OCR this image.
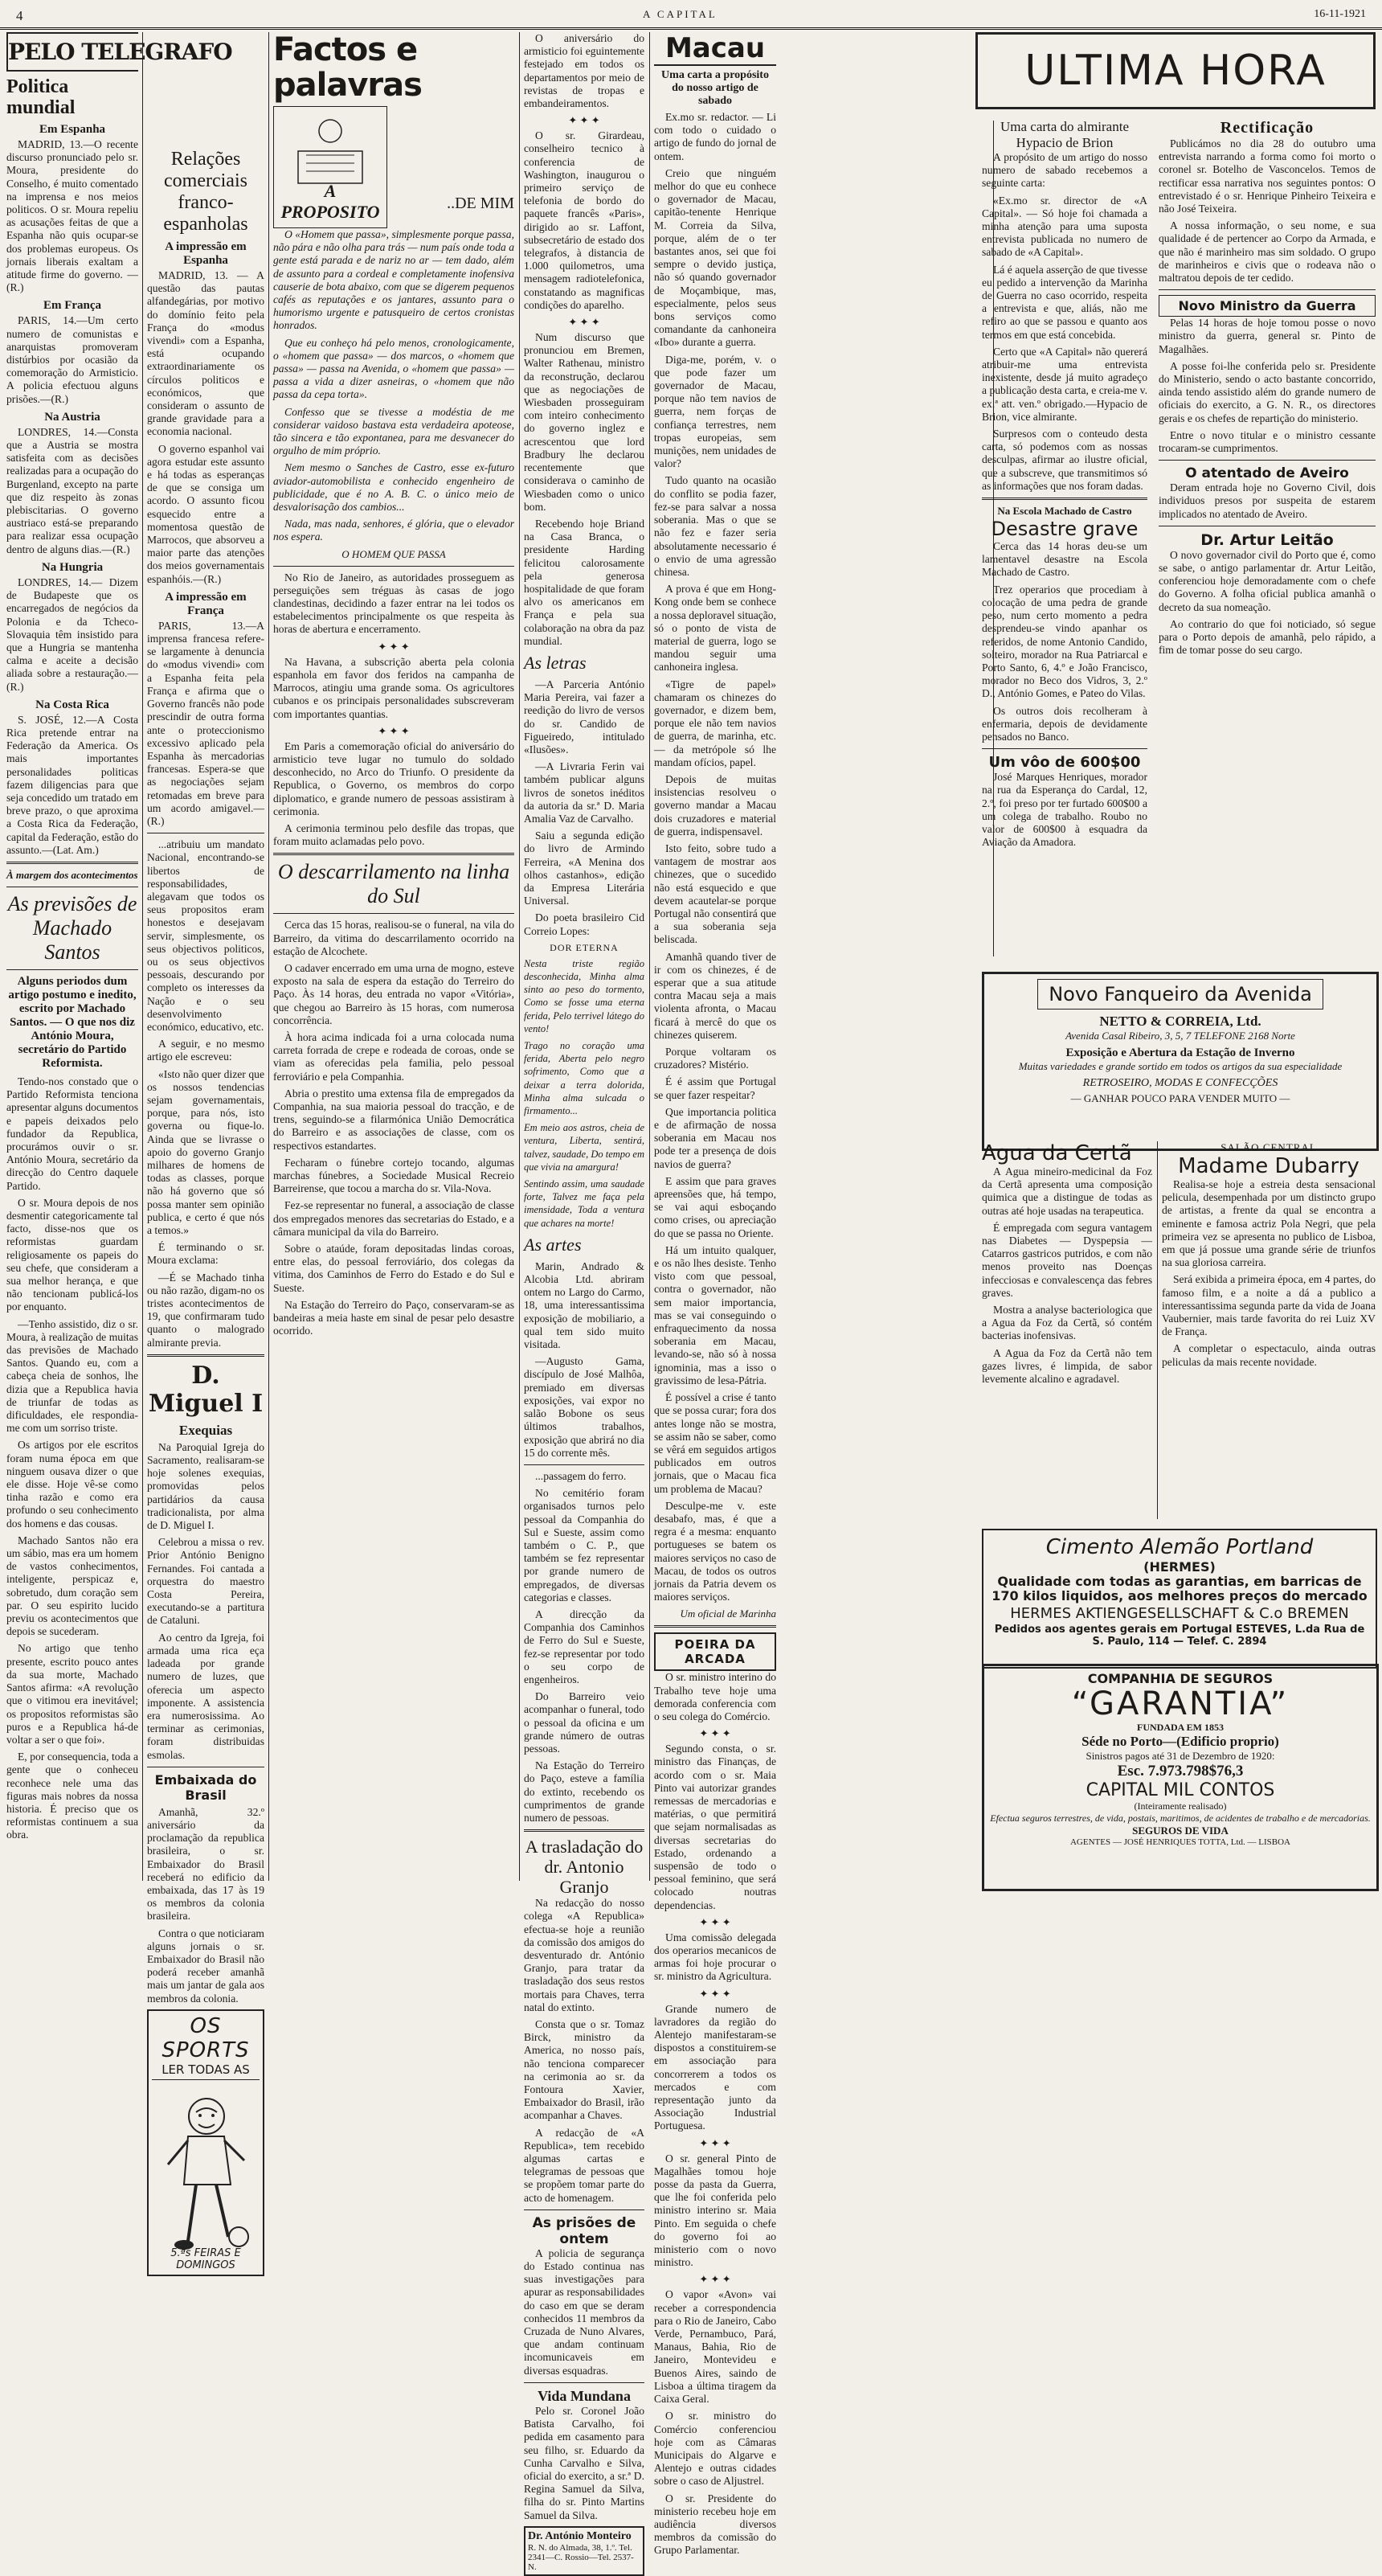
4	A CAPITAL	16-11-1921
PELO TELEGRAFO
Politica mundial
Em Espanha

MADRID, 13.—O recente discurso pronunciado pelo sr. Moura, presidente do Conselho, é muito comentado na imprensa e nos meios politicos. O sr. Moura repeliu as acusações feitas de que a Espanha não quis ocupar-se dos problemas europeus. Os jornais liberais exaltam a atitude firme do governo. — (R.)

Em França

PARIS, 14.—Um certo numero de comunistas e anarquistas promoveram distúrbios por ocasião da comemoração do Armisticio. A policia efectuou alguns prisões.—(R.)

Na Austria

LONDRES, 14.—Consta que a Austria se mostra satisfeita com as decisões realizadas para a ocupação do Burgenland, excepto na parte que diz respeito às zonas plebiscitarias. O governo austriaco está-se preparando para realizar essa ocupação dentro de alguns dias.—(R.)

Na Hungria

LONDRES, 14.— Dizem de Budapeste que os encarregados de negócios da Polonia e da Tcheco-Slovaquia têm insistido para que a Hungria se mantenha calma e aceite a decisão aliada sobre a restauração.—(R.)

Na Costa Rica

S. JOSÉ, 12.—A Costa Rica pretende entrar na Federação da America. Os mais importantes personalidades politicas fazem diligencias para que seja concedido um tratado em breve prazo, o que aproxima a Costa Rica da Federação, capital da Federação, estão do assunto.—(Lat. Am.)

À margem dos acontecimentos
As previsões de Machado Santos
Alguns periodos dum artigo postumo e inedito, escrito por Machado Santos. — O que nos diz António Moura, secretário do Partido Reformista.

Tendo-nos constado que o Partido Reformista tenciona apresentar alguns documentos e papeis deixados pelo fundador da Republica, procurámos ouvir o sr. António Moura, secretário da direcção do Centro daquele Partido.

O sr. Moura depois de nos desmentir categoricamente tal facto, disse-nos que os reformistas guardam religiosamente os papeis do seu chefe, que consideram a sua melhor herança, e que não tencionam publicá-los por enquanto.

—Tenho assistido, diz o sr. Moura, à realização de muitas das previsões de Machado Santos. Quando eu, com a cabeça cheia de sonhos, lhe dizia que a Republica havia de triunfar de todas as dificuldades, ele respondia-me com um sorriso triste.

Os artigos por ele escritos foram numa época em que ninguem ousava dizer o que ele disse. Hoje vê-se como tinha razão e como era profundo o seu conhecimento dos homens e das cousas.

Machado Santos não era um sábio, mas era um homem de vastos conhecimentos, inteligente, perspicaz e, sobretudo, dum coração sem par. O seu espirito lucido previu os acontecimentos que depois se sucederam.

No artigo que tenho presente, escrito pouco antes da sua morte, Machado Santos afirma: «A revolução que o vitimou era inevitável; os propositos reformistas são puros e a Republica há-de voltar a ser o que foi».

E, por consequencia, toda a gente que o conheceu reconhece nele uma das figuras mais nobres da nossa historia. É preciso que os reformistas continuem a sua obra.

Relações comerciais franco-espanholas
A impressão em Espanha

MADRID, 13. — A questão das pautas alfandegárias, por motivo do domínio feito pela França do «modus vivendi» com a Espanha, está ocupando extraordinariamente os círculos politicos e económicos, que consideram o assunto de grande gravidade para a economia nacional.

O governo espanhol vai agora estudar este assunto e há todas as esperanças de que se consiga um acordo. O assunto ficou esquecido entre a momentosa questão de Marrocos, que absorveu a maior parte das atenções dos meios governamentais espanhóis.—(R.)

A impressão em França

PARIS, 13.—A imprensa francesa refere-se largamente à denuncia do «modus vivendi» com a Espanha feita pela França e afirma que o Governo francês não pode prescindir de outra forma ante o proteccionismo excessivo aplicado pela Espanha às mercadorias francesas. Espera-se que as negociações sejam retomadas em breve para um acordo amigavel.—(R.)

...atribuiu um mandato Nacional, encontrando-se libertos de responsabilidades, alegavam que todos os seus propositos eram honestos e desejavam servir, simplesmente, os seus objectivos politicos, ou os seus objectivos pessoais, descurando por completo os interesses da Nação e o seu desenvolvimento económico, educativo, etc.

A seguir, e no mesmo artigo ele escreveu:

«Isto não quer dizer que os nossos tendencias sejam governamentais, porque, para nós, isto governa ou fique-lo. Ainda que se livrasse o apoio do governo Granjo milhares de homens de todas as classes, porque não há governo que só possa manter sem opinião publica, e certo é que nós a temos.»

É terminando o sr. Moura exclama:

—É se Machado tinha ou não razão, digam-no os tristes acontecimentos de 19, que confirmaram tudo quanto o malogrado almirante previa.

D. Miguel I
Exequias

Na Paroquial Igreja do Sacramento, realisaram-se hoje solenes exequias, promovidas pelos partidários da causa tradicionalista, por alma de D. Miguel I.

Celebrou a missa o rev. Prior António Benigno Fernandes. Foi cantada a orquestra do maestro Costa Pereira, executando-se a partitura de Cataluni.

Ao centro da Igreja, foi armada uma rica eça ladeada por grande numero de luzes, que oferecia um aspecto imponente. A assistencia era numerosissima. Ao terminar as cerimonias, foram distribuidas esmolas.

Embaixada do Brasil

Amanhã, 32.º aniversário da proclamação da republica brasileira, o sr. Embaixador do Brasil receberá no edificio da embaixada, das 17 às 19 os membros da colonia brasileira.

Contra o que noticiaram alguns jornais o sr. Embaixador do Brasil não poderá receber amanhã mais um jantar de gala aos membros da colonia.

OS SPORTS
LER TODAS AS
5.ªs FEIRAS E DOMINGOS
Factos e palavras
A PROPOSITO	..DE MIM

O «Homem que passa», simplesmente porque passa, não pára e não olha para trás — num país onde toda a gente está parada e de nariz no ar — tem dado, além de assunto para a cordeal e completamente inofensiva causerie de bota abaixo, com que se digerem pequenos cafés as reputações e os jantares, assunto para o humorismo urgente e patusqueiro de certos cronistas honrados.

Que eu conheço há pelo menos, cronologicamente, o «homem que passa» — dos marcos, o «homem que passa» — passa na Avenida, o «homem que passa» — passa a vida a dizer asneiras, o «homem que não passa da cepa torta».

Confesso que se tivesse a modéstia de me considerar vaidoso bastava esta verdadeira apoteose, tão sincera e tão expontanea, para me desvanecer do orgulho de mim próprio.

Nem mesmo o Sanches de Castro, esse ex-futuro aviador-automobilista e conhecido engenheiro de publicidade, que é no A. B. C. o único meio de desvalorisação dos cambios...

Nada, mas nada, senhores, é glória, que o elevador nos espera.

O HOMEM QUE PASSA

No Rio de Janeiro, as autoridades prosseguem as perseguições sem tréguas às casas de jogo clandestinas, decidindo a fazer entrar na lei todos os estabelecimentos principalmente os que respeita às horas de abertura e encerramento.

✦ ✦ ✦

Na Havana, a subscrição aberta pela colonia espanhola em favor dos feridos na campanha de Marrocos, atingiu uma grande soma. Os agricultores cubanos e os principais personalidades subscreveram com importantes quantias.

✦ ✦ ✦

Em Paris a comemoração oficial do aniversário do armisticio teve lugar no tumulo do soldado desconhecido, no Arco do Triunfo. O presidente da Republica, o Governo, os membros do corpo diplomatico, e grande numero de pessoas assistiram à cerimonia.

A cerimonia terminou pelo desfile das tropas, que foram muito aclamadas pelo povo.

O descarrilamento na linha do Sul

Cerca das 15 horas, realisou-se o funeral, na vila do Barreiro, da vitima do descarrilamento ocorrido na estação de Alcochete.

O cadaver encerrado em uma urna de mogno, esteve exposto na sala de espera da estação do Terreiro do Paço. Às 14 horas, deu entrada no vapor «Vitória», que chegou ao Barreiro às 15 horas, com numerosa concorrência.

À hora acima indicada foi a urna colocada numa carreta forrada de crepe e rodeada de coroas, onde se viam as oferecidas pela familia, pelo pessoal ferroviário e pela Companhia.

Abria o prestito uma extensa fila de empregados da Companhia, na sua maioria pessoal do tracção, e de trens, seguindo-se a filarmónica União Democrática do Barreiro e as associações de classe, com os respectivos estandartes.

Fecharam o fúnebre cortejo tocando, algumas marchas fúnebres, a Sociedade Musical Recreio Barreirense, que tocou a marcha do sr. Vila-Nova.

Fez-se representar no funeral, a associação de classe dos empregados menores das secretarias do Estado, e a câmara municipal da vila do Barreiro.

Sobre o ataúde, foram depositadas lindas coroas, entre elas, do pessoal ferroviário, dos colegas da vitima, dos Caminhos de Ferro do Estado e do Sul e Sueste.

Na Estação do Terreiro do Paço, conservaram-se as bandeiras a meia haste em sinal de pesar pelo desastre ocorrido.

O aniversário do armisticio foi eguintemente festejado em todos os departamentos por meio de revistas de tropas e embandeiramentos.

✦ ✦ ✦

O sr. Girardeau, conselheiro tecnico à conferencia de Washington, inaugurou o primeiro serviço de telefonia de bordo do paquete francês «Paris», dirigido ao sr. Laffont, subsecretário de estado dos telegrafos, à distancia de 1.000 quilometros, uma mensagem radiotelefonica, constatando as magnificas condições do aparelho.

✦ ✦ ✦

Num discurso que pronunciou em Bremen, Walter Rathenau, ministro da reconstrução, declarou que as negociações de Wiesbaden prosseguiram com inteiro conhecimento do governo inglez e acrescentou que lord Bradbury lhe declarou recentemente que considerava o caminho de Wiesbaden como o unico bom.

Recebendo hoje Briand na Casa Branca, o presidente Harding felicitou calorosamente pela generosa hospitalidade de que foram alvo os americanos em França e pela sua colaboração na obra da paz mundial.

As letras

—A Parceria António Maria Pereira, vai fazer a reedição do livro de versos do sr. Candido de Figueiredo, intitulado «Ilusões».

—A Livraria Ferin vai também publicar alguns livros de sonetos inéditos da autoria da sr.ª D. Maria Amalia Vaz de Carvalho.

Saiu a segunda edição do livro de Armindo Ferreira, «A Menina dos olhos castanhos», edição da Empresa Literária Universal.

Do poeta brasileiro Cid Correio Lopes:

DOR ETERNA

Nesta triste região desconhecida, Minha alma sinto ao peso do tormento, Como se fosse uma eterna ferida, Pelo terrivel látego do vento!

Trago no coração uma ferida, Aberta pelo negro sofrimento, Como que a deixar a terra dolorida, Minha alma sulcada o firmamento...

Em meio aos astros, cheia de ventura, Liberta, sentirá, talvez, saudade, Do tempo em que vivia na amargura!

Sentindo assim, uma saudade forte, Talvez me faça pela imensidade, Toda a ventura que achares na morte!

As artes

Marin, Andrado & Alcobia Ltd. abriram ontem no Largo do Carmo, 18, uma interessantissima exposição de mobiliario, a qual tem sido muito visitada.

—Augusto Gama, discípulo de José Malhôa, premiado em diversas exposições, vai expor no salão Bobone os seus últimos trabalhos, exposição que abrirá no dia 15 do corrente mês.

...passagem do ferro.

No cemitério foram organisados turnos pelo pessoal da Companhia do Sul e Sueste, assim como também o C. P., que também se fez representar por grande numero de empregados, de diversas categorias e classes.

A direcção da Companhia dos Caminhos de Ferro do Sul e Sueste, fez-se representar por todo o seu corpo de engenheiros.

Do Barreiro veio acompanhar o funeral, todo o pessoal da oficina e um grande número de outras pessoas.

Na Estação do Terreiro do Paço, esteve a família do extinto, recebendo os cumprimentos de grande numero de pessoas.

A trasladação do dr. Antonio Granjo

Na redacção do nosso colega «A Republica» efectua-se hoje a reunião da comissão dos amigos do desventurado dr. António Granjo, para tratar da trasladação dos seus restos mortais para Chaves, terra natal do extinto.

Consta que o sr. Tomaz Birck, ministro da America, no nosso país, não tenciona comparecer na cerimonia ao sr. da Fontoura Xavier, Embaixador do Brasil, irão acompanhar a Chaves.

A redacção de «A Republica», tem recebido algumas cartas e telegramas de pessoas que se propõem tomar parte do acto de homenagem.

As prisões de ontem

A policia de segurança do Estado continua nas suas investigações para apurar as responsabilidades do caso em que se deram conhecidos 11 membros da Cruzada de Nuno Alvares, que andam continuam incomunicaveis em diversas esquadras.

Vida Mundana

Pelo sr. Coronel João Batista Carvalho, foi pedida em casamento para seu filho, sr. Eduardo da Cunha Carvalho e Silva, oficial do exercito, a sr.ª D. Regina Samuel da Silva, filha do sr. Pinto Martins Samuel da Silva.

Dr. António Monteiro
R. N. do Almada, 38, 1.º. Tel. 2341—C. Rossio—Tel. 2537-N.
Macau
Uma carta a propósito do nosso artigo de sabado

Ex.mo sr. redactor. — Li com todo o cuidado o artigo de fundo do jornal de ontem.

Creio que ninguém melhor do que eu conhece o governador de Macau, capitão-tenente Henrique M. Correia da Silva, porque, além de o ter bastantes anos, sei que foi sempre o devido justiça, não só quando governador de Moçambique, mas, especialmente, pelos seus bons serviços como comandante da canhoneira «Ibo» durante a guerra.

Diga-me, porém, v. o que pode fazer um governador de Macau, porque não tem navios de guerra, nem forças de confiança terrestres, nem tropas europeias, sem munições, nem unidades de valor?

Tudo quanto na ocasião do conflito se podia fazer, fez-se para salvar a nossa soberania. Mas o que se não fez e fazer seria absolutamente necessario é o envio de uma agressão chinesa.

A prova é que em Hong-Kong onde bem se conhece a nossa deploravel situação, só o ponto de vista de material de guerra, logo se mandou seguir uma canhoneira inglesa.

«Tigre de papel» chamaram os chinezes do governador, e dizem bem, porque ele não tem navios de guerra, de marinha, etc. — da metrópole só lhe mandam ofícios, papel.

Depois de muitas insistencias resolveu o governo mandar a Macau dois cruzadores e material de guerra, indispensavel.

Isto feito, sobre tudo a vantagem de mostrar aos chinezes, que o sucedido não está esquecido e que devem acautelar-se porque Portugal não consentirá que a sua soberania seja beliscada.

Amanhã quando tiver de ir com os chinezes, é de esperar que a sua atitude contra Macau seja a mais violenta afronta, o Macau ficará à mercê do que os chinezes quiserem.

Porque voltaram os cruzadores? Mistério.

É é assim que Portugal se quer fazer respeitar?

Que importancia politica e de afirmação de nossa soberania em Macau nos pode ter a presença de dois navios de guerra?

E assim que para graves apreensões que, há tempo, se vai aqui esboçando como crises, ou apreciação do que se passa no Oriente.

Há um intuito qualquer, e os não lhes desiste. Tenho visto com que pessoal, contra o governador, não sem maior importancia, mas se vai conseguindo o enfraquecimento da nossa soberania em Macau, levando-se, não só à nossa ignominia, mas a isso o gravissimo de lesa-Pátria.

É possível a crise é tanto que se possa curar; fora dos antes longe não se mostra, se assim não se saber, como se vêrá em seguidos artigos publicados em outros jornais, que o Macau fica um problema de Macau?

Desculpe-me v. este desabafo, mas, é que a regra é a mesma: enquanto portugueses se batem os maiores serviços no caso de Macau, de todos os outros jornais da Patria devem os maiores serviços.

Um oficial de Marinha
POEIRA DA ARCADA

O sr. ministro interino do Trabalho teve hoje uma demorada conferencia com o seu colega do Comércio.

✦ ✦ ✦

Segundo consta, o sr. ministro das Finanças, de acordo com o sr. Maia Pinto vai autorizar grandes remessas de mercadorias e matérias, o que permitirá que sejam normalisadas as diversas secretarias do Estado, ordenando a suspensão de todo o pessoal feminino, que será colocado noutras dependencias.

✦ ✦ ✦

Uma comissão delegada dos operarios mecanicos de armas foi hoje procurar o sr. ministro da Agricultura.

✦ ✦ ✦

Grande numero de lavradores da região do Alentejo manifestaram-se dispostos a constituirem-se em associação para concorrerem a todos os mercados e com representação junto da Associação Industrial Portuguesa.

✦ ✦ ✦

O sr. general Pinto de Magalhães tomou hoje posse da pasta da Guerra, que lhe foi conferida pelo ministro interino sr. Maia Pinto. Em seguida o chefe do governo foi ao ministerio com o novo ministro.

✦ ✦ ✦

O vapor «Avon» vai receber a correspondencia para o Rio de Janeiro, Cabo Verde, Pernambuco, Pará, Manaus, Bahia, Rio de Janeiro, Montevideu e Buenos Aires, saindo de Lisboa a última tiragem da Caixa Geral.

O sr. ministro do Comércio conferenciou hoje com as Câmaras Municipais do Algarve e Alentejo e outras cidades sobre o caso de Aljustrel.

O sr. Presidente do ministerio recebeu hoje em audiência diversos membros da comissão do Grupo Parlamentar.

ULTIMA HORA
Uma carta do almirante Hypacio de Brion

A propósito de um artigo do nosso numero de sabado recebemos a seguinte carta:

«Ex.mo sr. director de «A Capital». — Só hoje foi chamada a minha atenção para uma suposta entrevista publicada no numero de sabado de «A Capital».

Lá é aquela asserção de que tivesse eu pedido a intervenção da Marinha de Guerra no caso ocorrido, respeita a entrevista e que, aliás, não me refiro ao que se passou e quanto aos termos em que está concebida.

Certo que «A Capital» não quererá atribuir-me uma entrevista inexistente, desde já muito agradeço a publicação desta carta, e creia-me v. ex.ª att. ven.º obrigado.—Hypacio de Brion, vice almirante.

Surpresos com o conteudo desta carta, só podemos com as nossas desculpas, afirmar ao ilustre oficial, que a subscreve, que transmitimos só as informações que nos foram dadas.

Na Escola Machado de Castro
Desastre grave

Cerca das 14 horas deu-se um lamentavel desastre na Escola Machado de Castro.

Trez operarios que procediam à colocação de uma pedra de grande peso, num certo momento a pedra desprendeu-se vindo apanhar os referidos, de nome Antonio Candido, solteiro, morador na Rua Patriarcal e Porto Santo, 6, 4.º e João Francisco, morador no Beco dos Vidros, 3, 2.º D., António Gomes, e Pateo do Vilas.

Os outros dois recolheram à enfermaria, depois de devidamente pensados no Banco.

Um vôo de 600$00

José Marques Henriques, morador na rua da Esperança do Cardal, 12, 2.º, foi preso por ter furtado 600$00 a um colega de trabalho. Roubo no valor de 600$00 à esquadra da Aviação da Amadora.

Rectificação

Publicámos no dia 28 do outubro uma entrevista narrando a forma como foi morto o coronel sr. Botelho de Vasconcelos. Temos de rectificar essa narrativa nos seguintes pontos: O entrevistado é o sr. Henrique Pinheiro Teixeira e não José Teixeira.

A nossa informação, o seu nome, e sua qualidade é de pertencer ao Corpo da Armada, e que não é marinheiro mas sim soldado. O grupo de marinheiros e civis que o rodeava não o maltratou depois de ter cedido.

Novo Ministro da Guerra

Pelas 14 horas de hoje tomou posse o novo ministro da guerra, general sr. Pinto de Magalhães.

A posse foi-lhe conferida pelo sr. Presidente do Ministerio, sendo o acto bastante concorrido, ainda tendo assistido além do grande numero de oficiais do exercito, a G. N. R., os directores gerais e os chefes de repartição do ministerio.

Entre o novo titular e o ministro cessante trocaram-se cumprimentos.

O atentado de Aveiro

Deram entrada hoje no Governo Civil, dois individuos presos por suspeita de estarem implicados no atentado de Aveiro.

Dr. Artur Leitão

O novo governador civil do Porto que é, como se sabe, o antigo parlamentar dr. Artur Leitão, conferenciou hoje demoradamente com o chefe do Governo. A folha oficial publica amanhã o decreto da sua nomeação.

Ao contrario do que foi noticiado, só segue para o Porto depois de amanhã, pelo rápido, a fim de tomar posse do seu cargo.

Novo Fanqueiro da Avenida
NETTO & CORREIA, Ltd.
Avenida Casal Ribeiro, 3, 5, 7 TELEFONE 2168 Norte
Exposição e Abertura da Estação de Inverno
Muitas variedades e grande sortido em todos os artigos da sua especialidade
RETROSEIRO, MODAS E CONFECÇÕES
— GANHAR POUCO PARA VENDER MUITO —
Agua da Certã

A Agua mineiro-medicinal da Foz da Certã apresenta uma composição quimica que a distingue de todas as outras até hoje usadas na terapeutica.

É empregada com segura vantagem nas Diabetes — Dyspepsia — Catarros gastricos putridos, e com não menos proveito nas Doenças infecciosas e convalescença das febres graves.

Mostra a analyse bacteriologica que a Agua da Foz da Certã, só contém bacterias inofensivas.

A Agua da Foz da Certã não tem gazes livres, é limpida, de sabor levemente alcalino e agradavel.

SALÃO CENTRAL
Madame Dubarry

Realisa-se hoje a estreia desta sensacional pelicula, desempenhada por um distincto grupo de artistas, a frente da qual se encontra a eminente e famosa actriz Pola Negri, que pela primeira vez se apresenta no publico de Lisboa, em que já possue uma grande série de triunfos na sua gloriosa carreira.

Será exibida a primeira época, em 4 partes, do famoso film, e a noite a dá a publico a interessantissima segunda parte da vida de Joana Vaubernier, mais tarde favorita do rei Luiz XV de França.

A completar o espectaculo, ainda outras peliculas da mais recente novidade.

Cimento Alemão Portland
(HERMES)
Qualidade com todas as garantias, em barricas de 170 kilos liquidos, aos melhores preços do mercado
HERMES AKTIENGESELLSCHAFT & C.o BREMEN
Pedidos aos agentes gerais em Portugal ESTEVES, L.da Rua de S. Paulo, 114 — Telef. C. 2894
COMPANHIA DE SEGUROS
“GARANTIA”
FUNDADA EM 1853
Séde no Porto—(Edificio proprio)
Sinistros pagos até 31 de Dezembro de 1920:
Esc. 7.973.798$76,3
CAPITAL MIL CONTOS
(Inteiramente realisado)
Efectua seguros terrestres, de vida, postais, maritimos, de acidentes de trabalho e de mercadorias.
SEGUROS DE VIDA
AGENTES — JOSÉ HENRIQUES TOTTA, Ltd. — LISBOA
